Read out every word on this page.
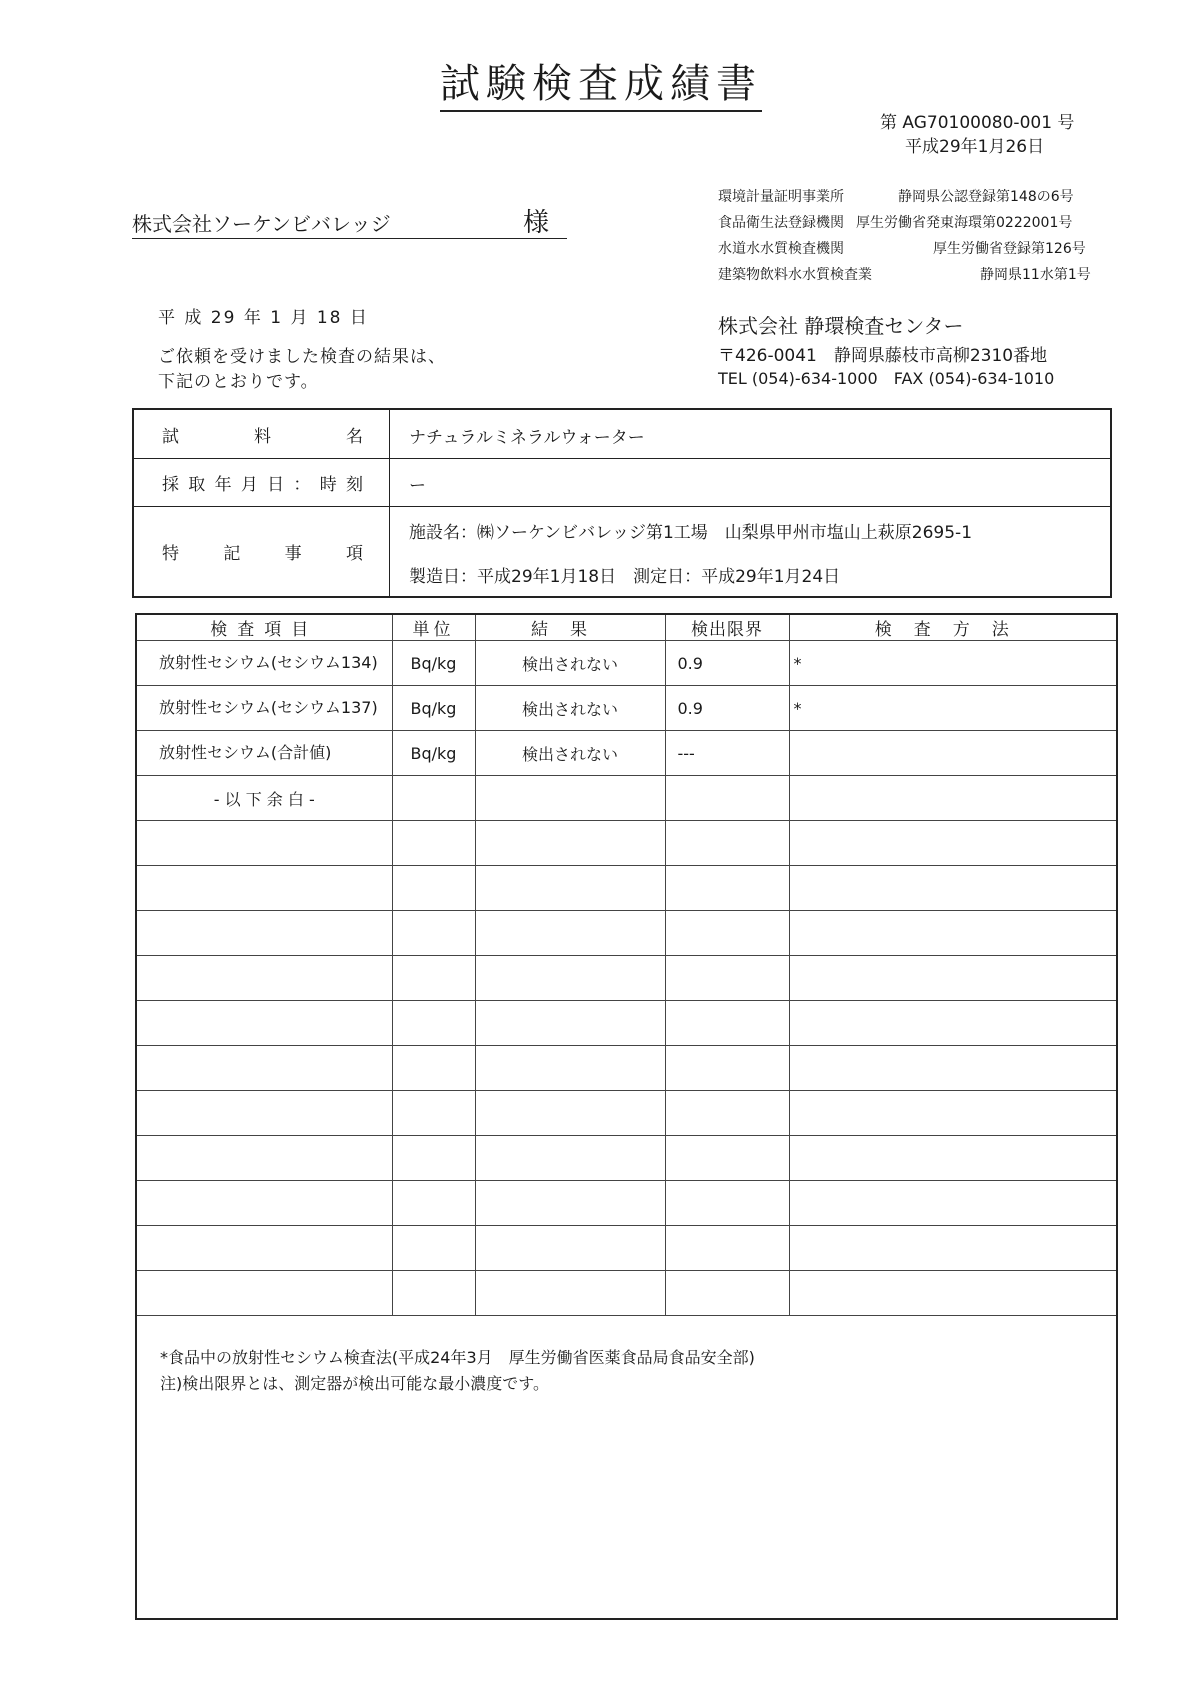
試験検査成績書
第 AG70100080-001 号
平成29年1月26日
株式会社ソーケンビバレッジ	様
環境計量証明事業所	静岡県公認登録第148の6号
食品衛生法登録機関 厚生労働省発東海環第0222001号
水道水水質検査機関	厚生労働省登録第126号
建築物飲料水水質検査業	静岡県11水第1号
平 成 29 年 1 月 18 日
ご依頼を受けました検査の結果は、
下記のとおりです。
株式会社 静環検査センター
〒426-0041　静岡県藤枝市高柳2310番地
TEL (054)-634-1000　FAX (054)-634-1010
試料名	ナチュラルミネラルウォーター
採取年月日：時刻	ー
特記事項
施設名：㈱ソーケンビバレッジ第1工場　山梨県甲州市塩山上萩原2695-1
製造日：平成29年1月18日　測定日：平成29年1月24日
検査項目	単位	結果	検出限界	検査方法
放射性セシウム(セシウム134)	Bq/kg	検出されない	0.9	*
放射性セシウム(セシウム137)	Bq/kg	検出されない	0.9	*
放射性セシウム(合計値)	Bq/kg	検出されない	---	
- 以 下 余 白 -				

*食品中の放射性セシウム検査法(平成24年3月　厚生労働省医薬食品局食品安全部)
注)検出限界とは、測定器が検出可能な最小濃度です。
